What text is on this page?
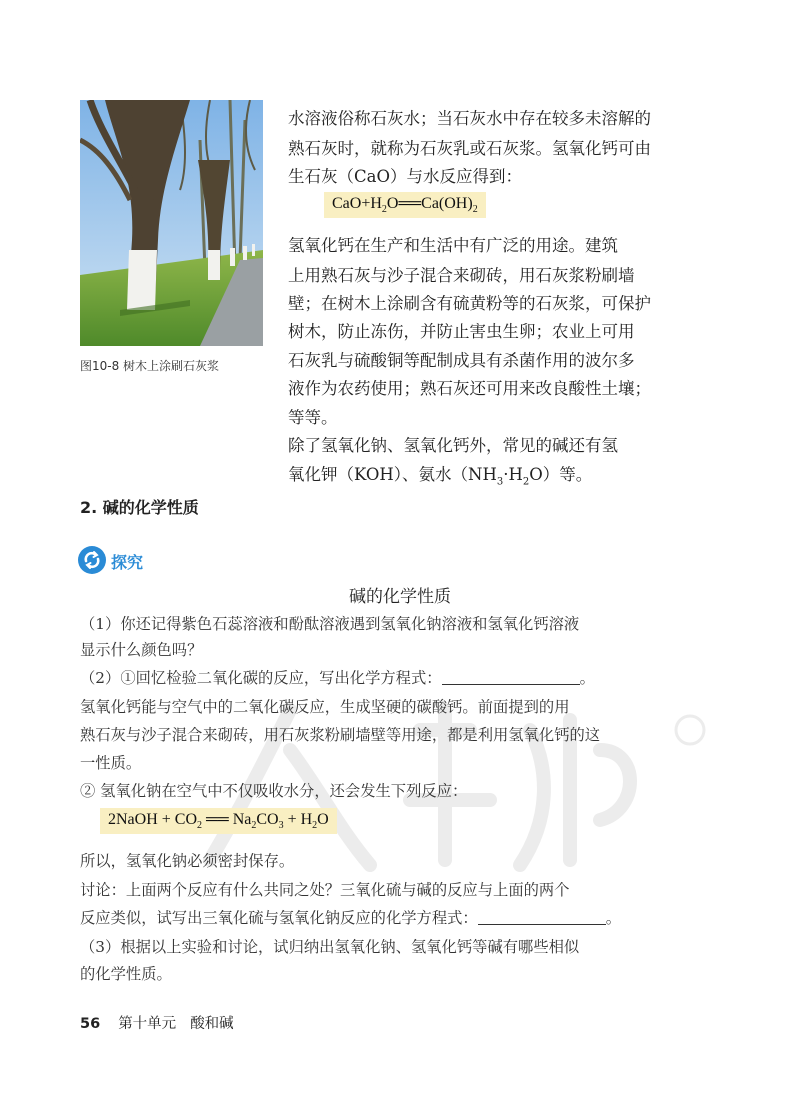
图10-8 树木上涂刷石灰浆
水溶液俗称石灰水；当石灰水中存在较多未溶解的
熟石灰时，就称为石灰乳或石灰浆。氢氧化钙可由
生石灰（CaO）与水反应得到：
$CaO+H_2O══Ca(OH)_2$
氢氧化钙在生产和生活中有广泛的用途。建筑
上用熟石灰与沙子混合来砌砖，用石灰浆粉刷墙
壁；在树木上涂刷含有硫黄粉等的石灰浆，可保护
树木，防止冻伤，并防止害虫生卵；农业上可用
石灰乳与硫酸铜等配制成具有杀菌作用的波尔多
液作为农药使用；熟石灰还可用来改良酸性土壤；
等等。
除了氢氧化钠、氢氧化钙外，常见的碱还有氢
氧化钾（KOH）、氨水$(NH_3\cdot H_2O)$等。
2. 碱的化学性质
探究
碱的化学性质
（1）你还记得紫色石蕊溶液和酚酞溶液遇到氢氧化钠溶液和氢氧化钙溶液
显示什么颜色吗？
（2）①回忆检验二氧化碳的反应，写出化学方程式：	。
氢氧化钙能与空气中的二氧化碳反应，生成坚硬的碳酸钙。前面提到的用
熟石灰与沙子混合来砌砖，用石灰浆粉刷墙壁等用途，都是利用氢氧化钙的这
一性质。
② 氢氧化钠在空气中不仅吸收水分，还会发生下列反应：
2NaOH + $CO_2$ ══ $Na_2CO_3 + H_2O$
所以，氢氧化钠必须密封保存。
讨论：上面两个反应有什么共同之处？三氧化硫与碱的反应与上面的两个
反应类似，试写出三氧化硫与氢氧化钠反应的化学方程式：	。
（3）根据以上实验和讨论，试归纳出氢氧化钠、氢氧化钙等碱有哪些相似
的化学性质。
56 第十单元 酸和碱
